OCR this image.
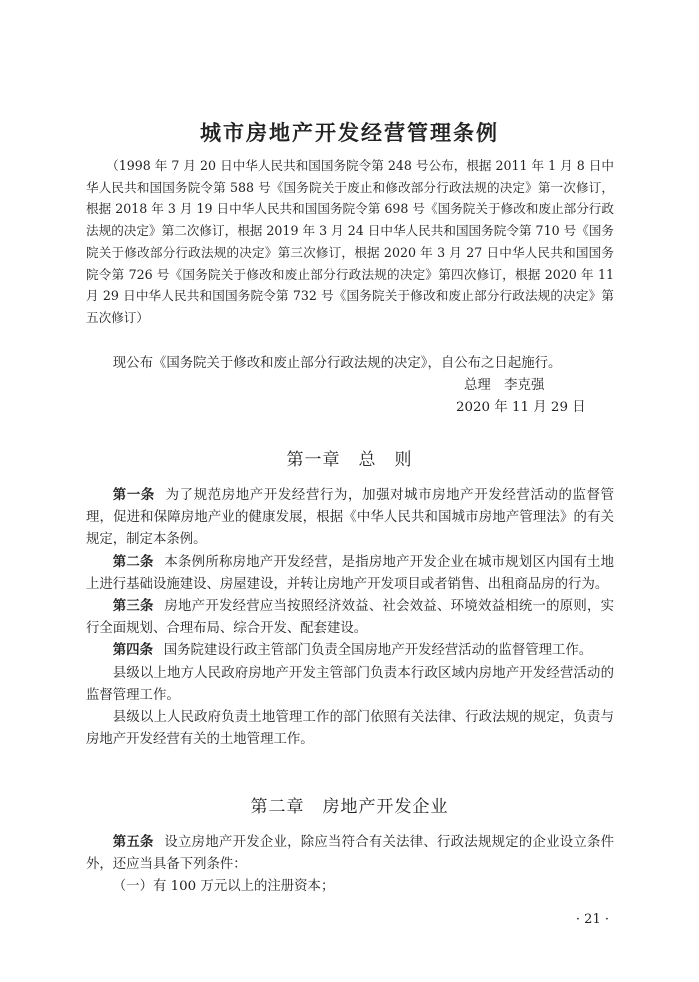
城市房地产开发经营管理条例
（1998 年 7 月 20 日中华人民共和国国务院令第 248 号公布，根据 2011 年 1 月 8 日中华人民共和国国务院令第 588 号《国务院关于废止和修改部分行政法规的决定》第一次修订，根据 2018 年 3 月 19 日中华人民共和国国务院令第 698 号《国务院关于修改和废止部分行政法规的决定》第二次修订，根据 2019 年 3 月 24 日中华人民共和国国务院令第 710 号《国务院关于修改部分行政法规的决定》第三次修订，根据 2020 年 3 月 27 日中华人民共和国国务院令第 726 号《国务院关于修改和废止部分行政法规的决定》第四次修订，根据 2020 年 11 月 29 日中华人民共和国国务院令第 732 号《国务院关于修改和废止部分行政法规的决定》第五次修订）
现公布《国务院关于修改和废止部分行政法规的决定》，自公布之日起施行。
总理　李克强
2020 年 11 月 29 日
第一章　总　则

第一条 为了规范房地产开发经营行为，加强对城市房地产开发经营活动的监督管理，促进和保障房地产业的健康发展，根据《中华人民共和国城市房地产管理法》的有关规定，制定本条例。

第二条 本条例所称房地产开发经营，是指房地产开发企业在城市规划区内国有土地上进行基础设施建设、房屋建设，并转让房地产开发项目或者销售、出租商品房的行为。

第三条 房地产开发经营应当按照经济效益、社会效益、环境效益相统一的原则，实行全面规划、合理布局、综合开发、配套建设。

第四条 国务院建设行政主管部门负责全国房地产开发经营活动的监督管理工作。

县级以上地方人民政府房地产开发主管部门负责本行政区域内房地产开发经营活动的监督管理工作。

县级以上人民政府负责土地管理工作的部门依照有关法律、行政法规的规定，负责与房地产开发经营有关的土地管理工作。

第二章　房地产开发企业

第五条 设立房地产开发企业，除应当符合有关法律、行政法规规定的企业设立条件外，还应当具备下列条件：

（一）有 100 万元以上的注册资本；

· 21 ·
